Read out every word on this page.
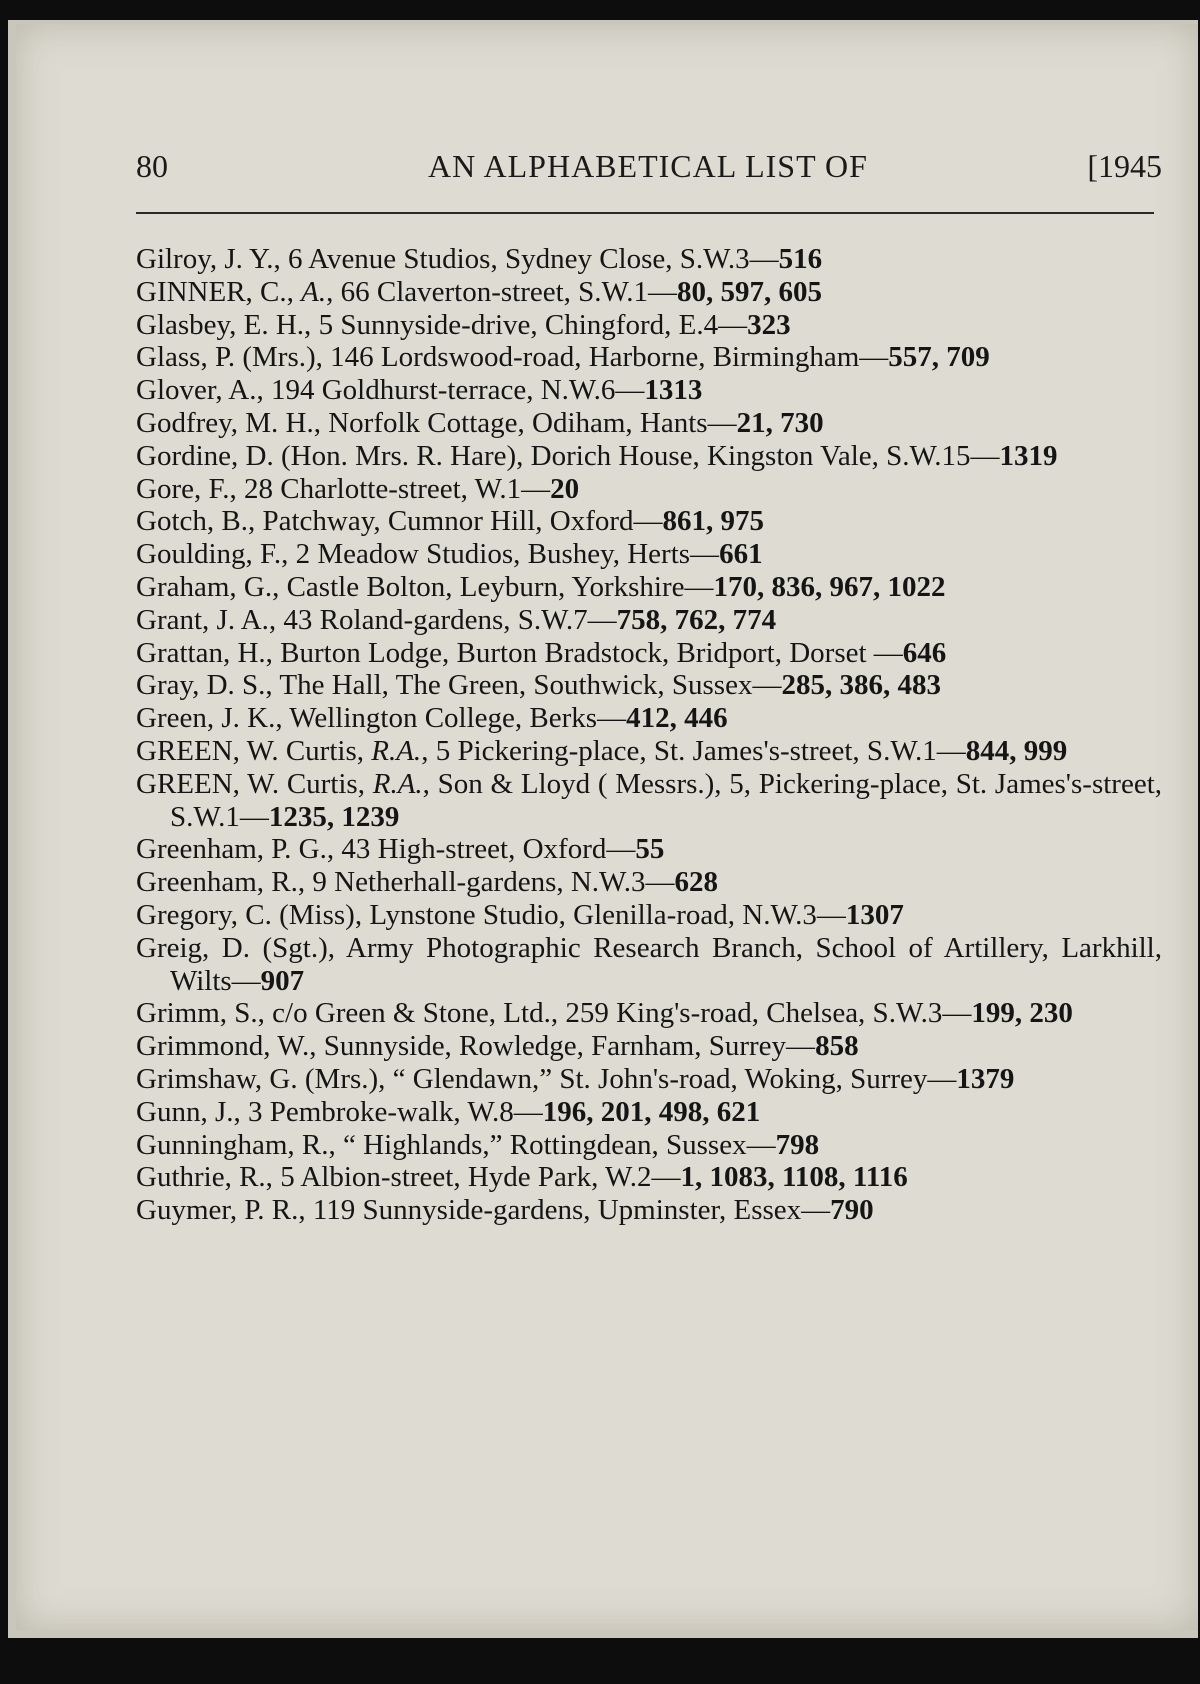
80	AN ALPHABETICAL LIST OF	[1945
Gilroy, J. Y., 6 Avenue Studios, Sydney Close, S.W.3—516
GINNER, C., A., 66 Claverton-street, S.W.1—80, 597, 605
Glasbey, E. H., 5 Sunnyside-drive, Chingford, E.4—323
Glass, P. (Mrs.), 146 Lordswood-road, Harborne, Birmingham—557, 709
Glover, A., 194 Goldhurst-terrace, N.W.6—1313
Godfrey, M. H., Norfolk Cottage, Odiham, Hants—21, 730
Gordine, D. (Hon. Mrs. R. Hare), Dorich House, Kingston Vale, S.W.15—1319
Gore, F., 28 Charlotte-street, W.1—20
Gotch, B., Patchway, Cumnor Hill, Oxford—861, 975
Goulding, F., 2 Meadow Studios, Bushey, Herts—661
Graham, G., Castle Bolton, Leyburn, Yorkshire—170, 836, 967, 1022
Grant, J. A., 43 Roland-gardens, S.W.7—758, 762, 774
Grattan, H., Burton Lodge, Burton Bradstock, Bridport, Dorset —646
Gray, D. S., The Hall, The Green, Southwick, Sussex—285, 386, 483
Green, J. K., Wellington College, Berks—412, 446
GREEN, W. Curtis, R.A., 5 Pickering-place, St. James's-street, S.W.1—844, 999
GREEN, W. Curtis, R.A., Son & Lloyd ( Messrs.), 5, Pickering-place, St. James's-street, S.W.1—1235, 1239
Greenham, P. G., 43 High-street, Oxford—55
Greenham, R., 9 Netherhall-gardens, N.W.3—628
Gregory, C. (Miss), Lynstone Studio, Glenilla-road, N.W.3—1307
Greig, D. (Sgt.), Army Photographic Research Branch, School of Artillery, Larkhill, Wilts—907
Grimm, S., c/o Green & Stone, Ltd., 259 King's-road, Chelsea, S.W.3—199, 230
Grimmond, W., Sunnyside, Rowledge, Farnham, Surrey—858
Grimshaw, G. (Mrs.), “ Glendawn,” St. John's-road, Woking, Surrey—1379
Gunn, J., 3 Pembroke-walk, W.8—196, 201, 498, 621
Gunningham, R., “ Highlands,” Rottingdean, Sussex—798
Guthrie, R., 5 Albion-street, Hyde Park, W.2—1, 1083, 1108, 1116
Guymer, P. R., 119 Sunnyside-gardens, Upminster, Essex—790
